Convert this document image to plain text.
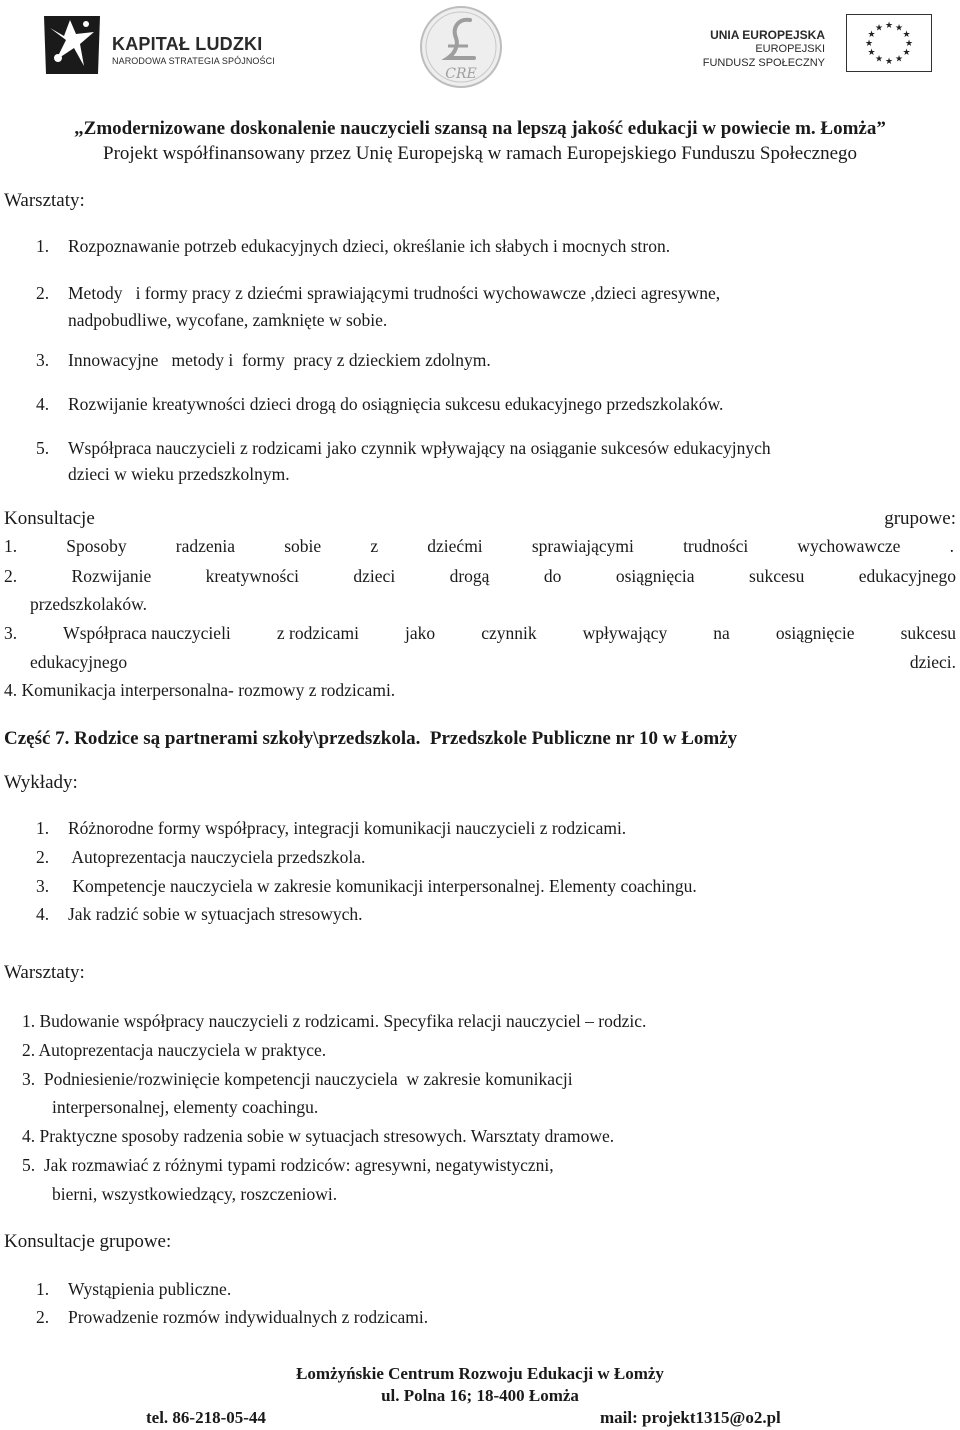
KAPITAŁ LUDZKI
NARODOWA STRATEGIA SPÓJNOŚCI
CRE
UNIA EUROPEJSKA
EUROPEJSKI
FUNDUSZ SPOŁECZNY
★ ★
★
★
★
★
★
★
★
★
★
★
„Zmodernizowane doskonalenie nauczycieli szansą na lepszą jakość edukacji w powiecie m. Łomża”
Projekt współfinansowany przez Unię Europejską w ramach Europejskiego Funduszu Społecznego
Warsztaty:
1. Rozpoznawanie potrzeb edukacyjnych dzieci, określanie ich słabych i mocnych stron.
2. Metody   i formy pracy z dziećmi sprawiającymi trudności wychowawcze ,dzieci agresywne,
nadpobudliwe, wycofane, zamknięte w sobie.
3. Innowacyjne   metody i  formy  pracy z dzieckiem zdolnym.
4. Rozwijanie kreatywności dzieci drogą do osiągnięcia sukcesu edukacyjnego przedszkolaków.
5. Współpraca nauczycieli z rodzicami jako czynnik wpływający na osiąganie sukcesów edukacyjnych
dzieci w wieku przedszkolnym.
Konsultacje	grupowe:
1.	Sposoby	radzenia	sobie	z	dziećmi	sprawiającymi	trudności	wychowawcze	.
2.	Rozwijanie	kreatywności	dzieci	drogą	do	osiągnięcia	sukcesu	edukacyjnego
przedszkolaków.
3.	Współpraca nauczycieli	z rodzicami	jako	czynnik	wpływający	na	osiągnięcie	sukcesu
edukacyjnego	dzieci.
4. Komunikacja interpersonalna- rozmowy z rodzicami.
Część 7. Rodzice są partnerami szkoły\przedszkola.  Przedszkole Publiczne nr 10 w Łomży
Wykłady:
1. Różnorodne formy współpracy, integracji komunikacji nauczycieli z rodzicami.
2. Autoprezentacja nauczyciela przedszkola.
3. Kompetencje nauczyciela w zakresie komunikacji interpersonalnej. Elementy coachingu.
4. Jak radzić sobie w sytuacjach stresowych.
Warsztaty:
1. Budowanie współpracy nauczycieli z rodzicami. Specyfika relacji nauczyciel – rodzic.
2. Autoprezentacja nauczyciela w praktyce.
3.  Podniesienie/rozwinięcie kompetencji nauczyciela  w zakresie komunikacji
interpersonalnej, elementy coachingu.
4. Praktyczne sposoby radzenia sobie w sytuacjach stresowych. Warsztaty dramowe.
5.  Jak rozmawiać z różnymi typami rodziców: agresywni, negatywistyczni,
bierni, wszystkowiedzący, roszczeniowi.
Konsultacje grupowe:
1. Wystąpienia publiczne.
2. Prowadzenie rozmów indywidualnych z rodzicami.
Łomżyńskie Centrum Rozwoju Edukacji w Łomży
ul. Polna 16; 18-400 Łomża
tel. 86-218-05-44	mail: projekt1315@o2.pl
